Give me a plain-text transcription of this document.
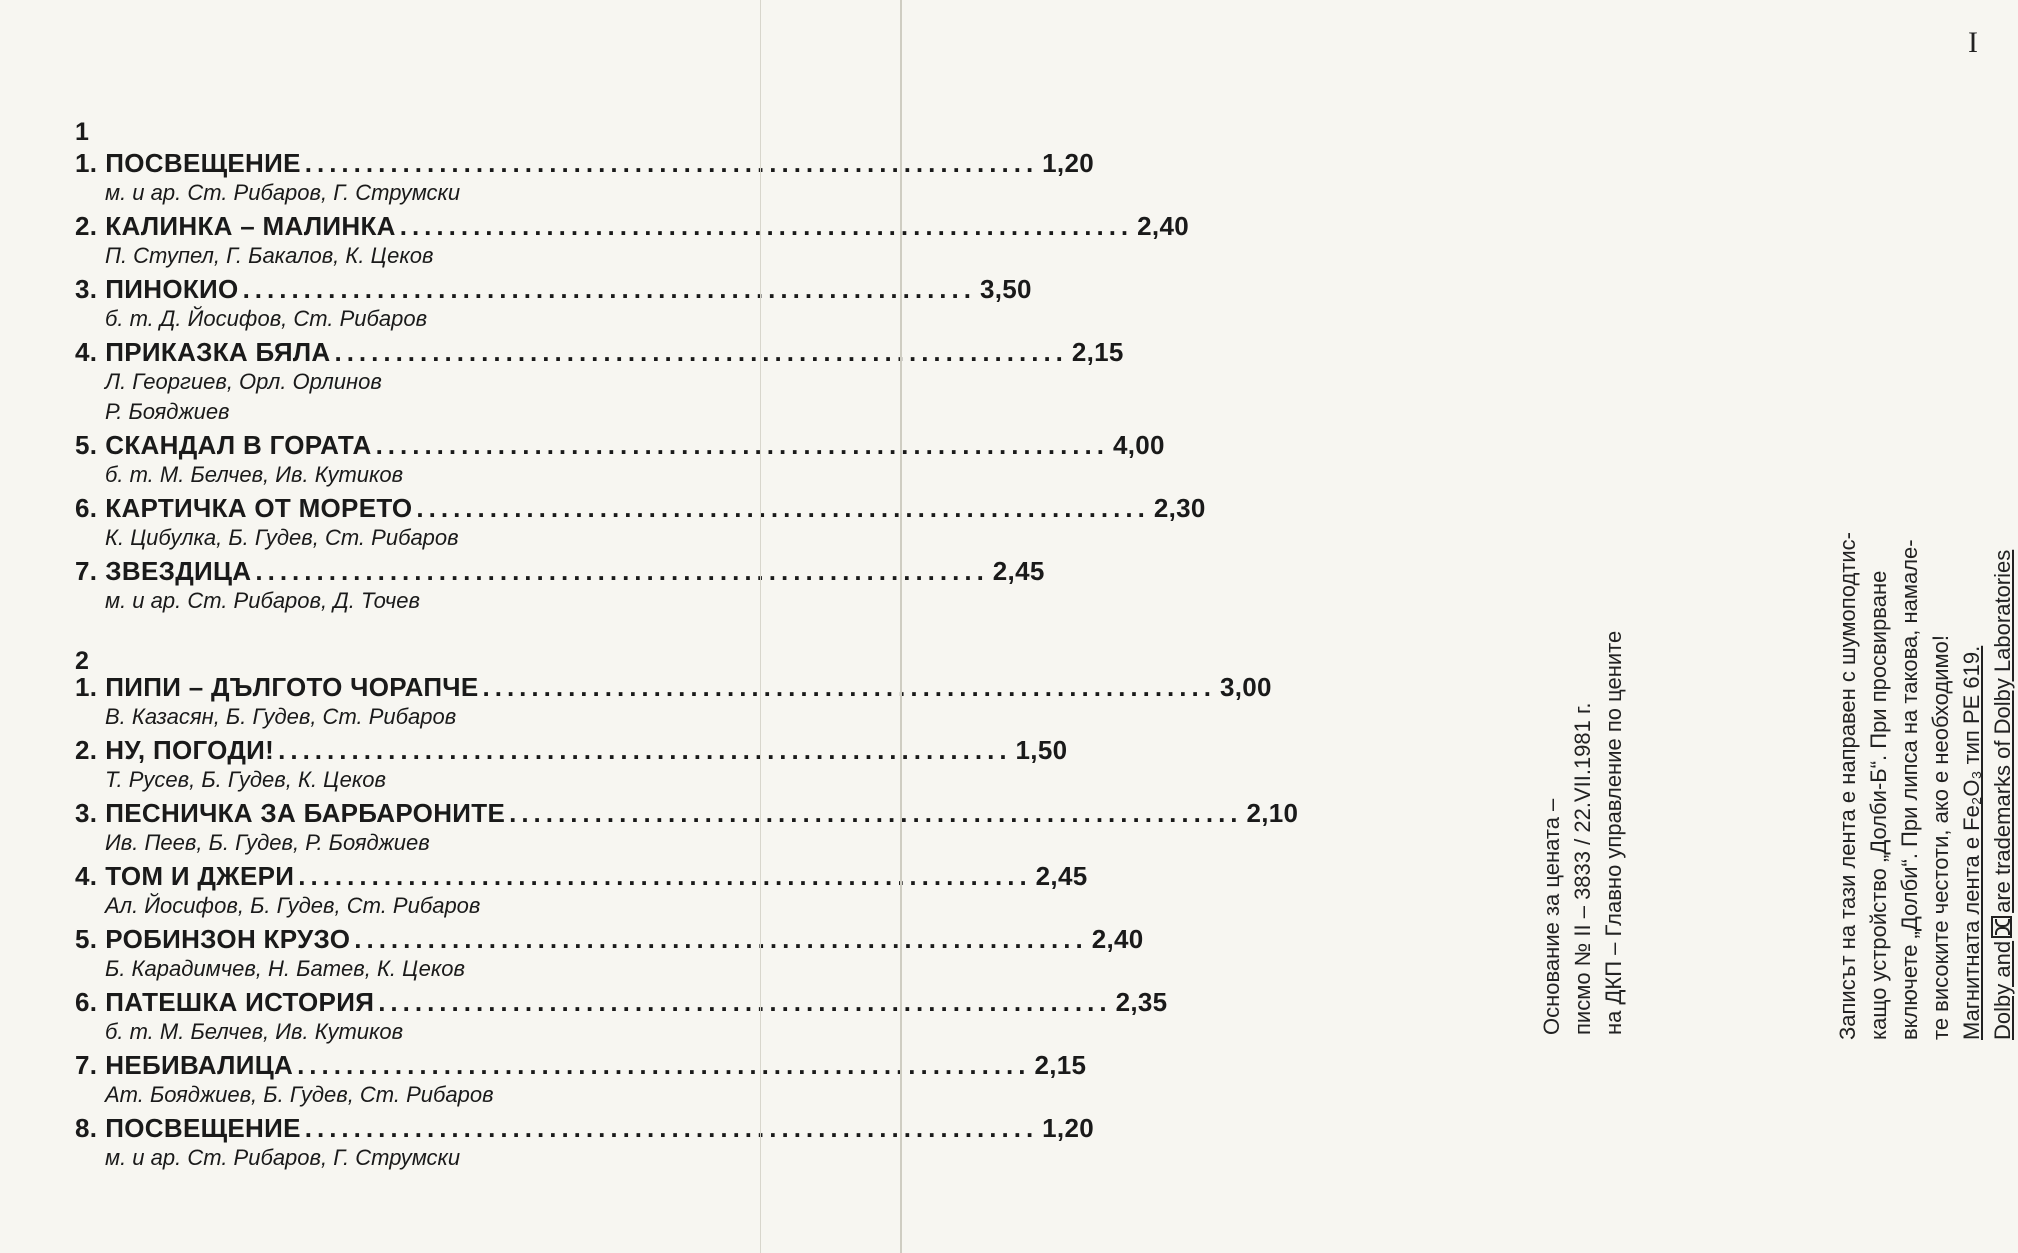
1
1. ПОСВЕЩЕНИЕ ............................................................ 1,20
м. и ар. Ст. Рибаров, Г. Струмски
2. КАЛИНКА – МАЛИНКА ............................................................ 2,40
П. Ступел, Г. Бакалов, К. Цеков
3. ПИНОКИО ............................................................ 3,50
б. т. Д. Йосифов, Ст. Рибаров
4. ПРИКАЗКА БЯЛА ............................................................ 2,15
Л. Георгиев, Орл. Орлинов
Р. Бояджиев
5. СКАНДАЛ В ГОРАТА ............................................................ 4,00
б. т. М. Белчев, Ив. Кутиков
6. КАРТИЧКА ОТ МОРЕТО ............................................................ 2,30
К. Цибулка, Б. Гудев, Ст. Рибаров
7. ЗВЕЗДИЦА ............................................................ 2,45
м. и ар. Ст. Рибаров, Д. Точев
2
1. ПИПИ – ДЪЛГОТО ЧОРАПЧЕ ............................................................ 3,00
В. Казасян, Б. Гудев, Ст. Рибаров
2. НУ, ПОГОДИ! ............................................................ 1,50
Т. Русев, Б. Гудев, К. Цеков
3. ПЕСНИЧКА ЗА БАРБАРОНИТЕ ............................................................ 2,10
Ив. Пеев, Б. Гудев, Р. Бояджиев
4. ТОМ И ДЖЕРИ ............................................................ 2,45
Ал. Йосифов, Б. Гудев, Ст. Рибаров
5. РОБИНЗОН КРУЗО ............................................................ 2,40
Б. Карадимчев, Н. Батев, К. Цеков
6. ПАТЕШКА ИСТОРИЯ ............................................................ 2,35
б. т. М. Белчев, Ив. Кутиков
7. НЕБИВАЛИЦА ............................................................ 2,15
Ат. Бояджиев, Б. Гудев, Ст. Рибаров
8. ПОСВЕЩЕНИЕ ............................................................ 1,20
м. и ар. Ст. Рибаров, Г. Струмски
Основание за цената – писмо № II – 3833 / 22.VII.1981 г. на ДКП – Главно управление по цените	Записът на тази лента е направен с шумоподтис- кащо устройство „Долби-Б“. При просвирване включете „Долби“. При липса на такова, намале- те високите честоти, ако е необходимо! Магнитната лента е Fe₂O₃ тип PE 619. Dolby andare trademarks of Dolby Laboratories
I
